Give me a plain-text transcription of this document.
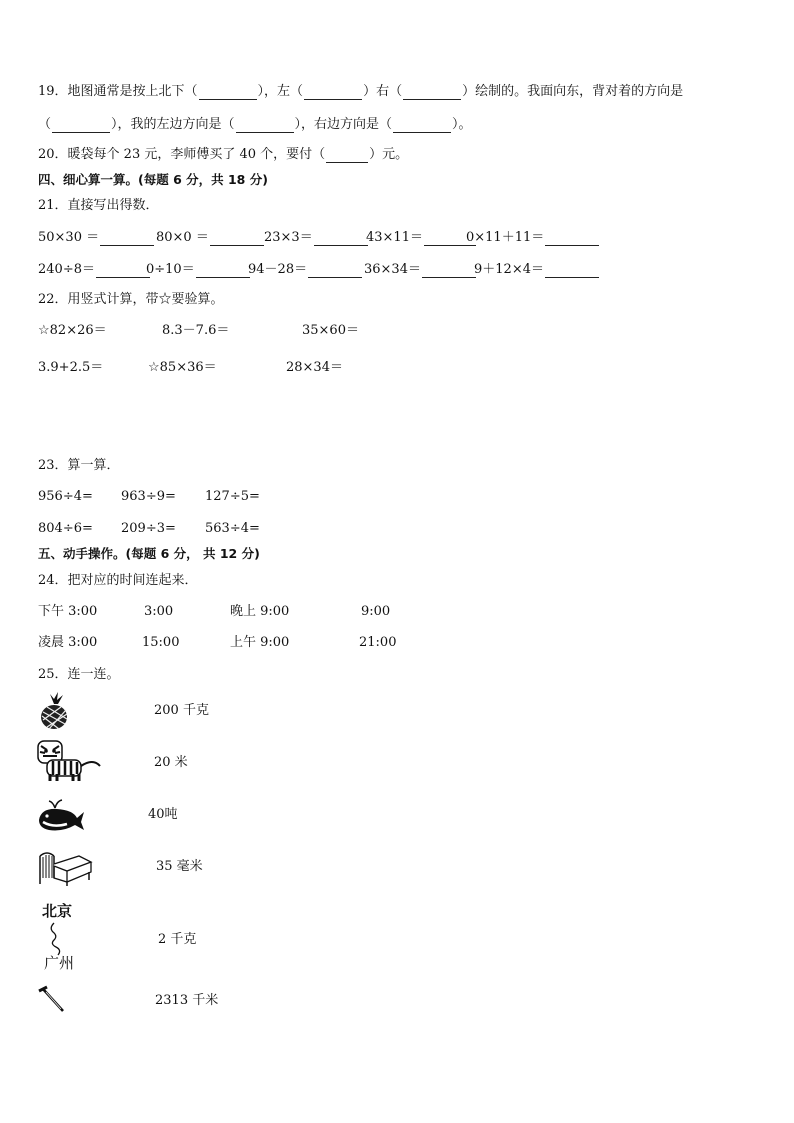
19．地图通常是按上北下（	），左（	）右（	）绘制的。我面向东，背对着的方向是
（	），我的左边方向是（	），右边方向是（	）。
20．暖袋每个 23 元，李师傅买了 40 个，要付（	）元。
四、细心算一算。(每题 6 分，共 18 分)
21．直接写出得数．
50×30 ＝	80×0 ＝	23×3＝	43×11＝	0×11＋11＝
240÷8＝	0÷10＝	94－28＝	36×34＝	9＋12×4＝
22．用竖式计算，带☆要验算。
☆82×26＝	8.3－7.6＝	35×60＝
3.9+2.5＝	☆85×36＝	28×34＝
23．算一算．
956÷4= 963÷9= 127÷5=
804÷6= 209÷3= 563÷4=
五、动手操作。(每题 6 分， 共 12 分)
24．把对应的时间连起来．
下午 3:00	3:00	晚上 9:00	9:00
凌晨 3:00	15:00	上午 9:00	21:00
25．连一连。
北京
广州
200 千克
20 米
40吨
35 毫米
2 千克
2313 千米
